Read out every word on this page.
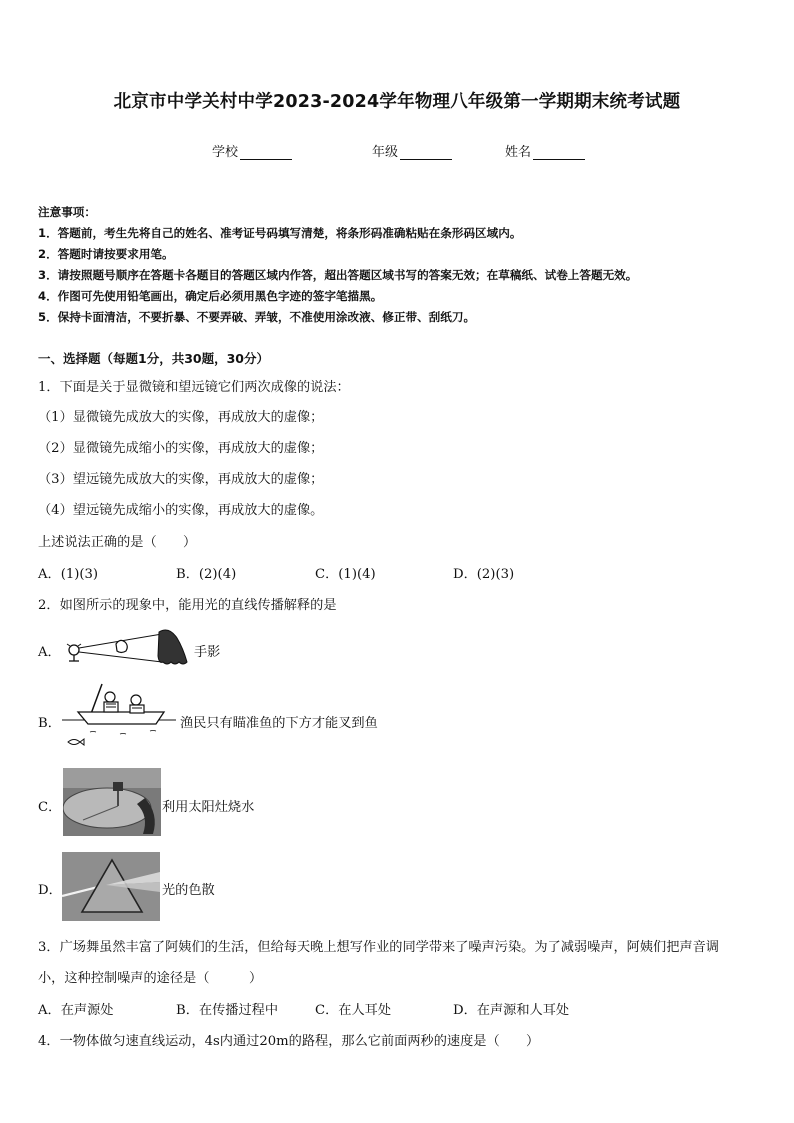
北京市中学关村中学2023-2024学年物理八年级第一学期期末统考试题
学校	年级	姓名
注意事项：
1．答题前，考生先将自己的姓名、准考证号码填写清楚，将条形码准确粘贴在条形码区域内。
2．答题时请按要求用笔。
3．请按照题号顺序在答题卡各题目的答题区域内作答，超出答题区域书写的答案无效；在草稿纸、试卷上答题无效。
4．作图可先使用铅笔画出，确定后必须用黑色字迹的签字笔描黑。
5．保持卡面清洁，不要折暴、不要弄破、弄皱，不准使用涂改液、修正带、刮纸刀。
一、选择题（每题1分，共30题，30分）
1．下面是关于显微镜和望远镜它们两次成像的说法：
（1）显微镜先成放大的实像，再成放大的虚像；
（2）显微镜先成缩小的实像，再成放大的虚像；
（3）望远镜先成放大的实像，再成放大的虚像；
（4）望远镜先成缩小的实像，再成放大的虚像。
上述说法正确的是（　　）
A．(1)(3)	B．(2)(4)	C．(1)(4)	D．(2)(3)
2．如图所示的现象中，能用光的直线传播解释的是
A．	手影
B．	渔民只有瞄准鱼的下方才能叉到鱼
C．	利用太阳灶烧水
D．	光的色散
3．广场舞虽然丰富了阿姨们的生活，但给每天晚上想写作业的同学带来了噪声污染。为了减弱噪声，阿姨们把声音调
小，这种控制噪声的途径是（　　　）
A．在声源处	B．在传播过程中	C．在人耳处	D．在声源和人耳处
4．一物体做匀速直线运动，4s内通过20m的路程，那么它前面两秒的速度是（　　）
